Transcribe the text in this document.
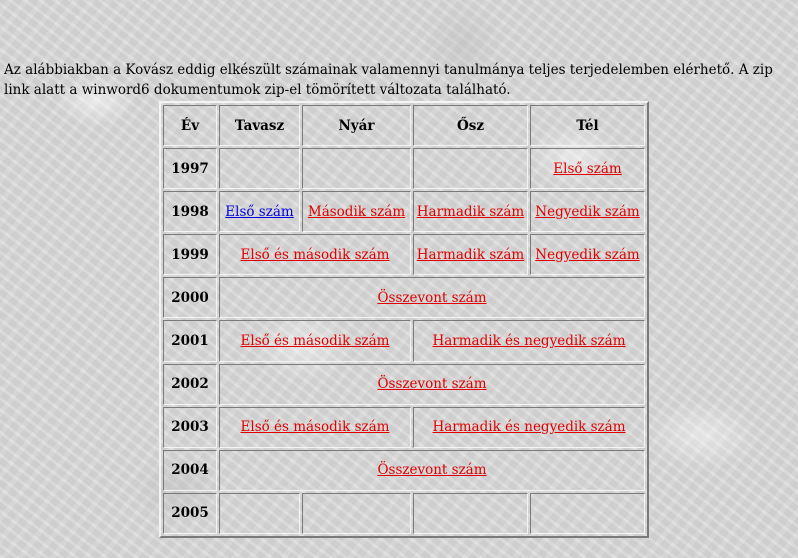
Az alábbiakban a Kovász eddig elkészült számainak valamennyi tanulmánya teljes terjedelemben elérhető. A zip link alatt a winword6 dokumentumok zip-el tömörített változata található.

Év	Tavasz	Nyár	Ősz	Tél
1997				Első szám
1998	Első szám	Második szám	Harmadik szám	Negyedik szám
1999	Első és második szám		Harmadik szám	Negyedik szám
2000	Összevont szám			
2001	Első és második szám		Harmadik és negyedik szám	
2002	Összevont szám			
2003	Első és második szám		Harmadik és negyedik szám	
2004	Összevont szám			
2005				
